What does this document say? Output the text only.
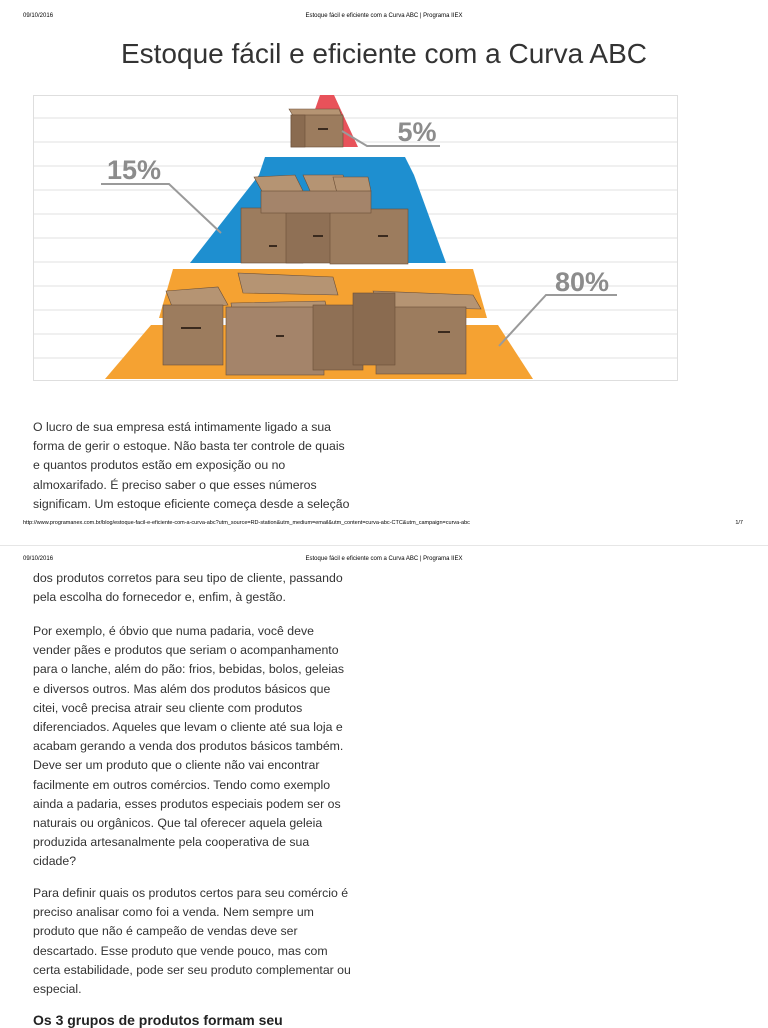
09/10/2016	Estoque fácil e eficiente com a Curva ABC | Programa IIEX
Estoque fácil e eficiente com a Curva ABC
5%
15%
80%

O lucro de sua empresa está intimamente ligado a sua forma de gerir o estoque. Não basta ter controle de quais e quantos produtos estão em exposição ou no almoxarifado. É preciso saber o que esses números significam. Um estoque eficiente começa desde a seleção

http://www.programanex.com.br/blog/estoque-facil-e-eficiente-com-a-curva-abc?utm_source=RD-station&utm_medium=email&utm_content=curva-abc-CTC&utm_campaign=curva-abc	1/7
09/10/2016	Estoque fácil e eficiente com a Curva ABC | Programa IIEX

dos produtos corretos para seu tipo de cliente, passando pela escolha do fornecedor e, enfim, à gestão.

Por exemplo, é óbvio que numa padaria, você deve vender pães e produtos que seriam o acompanhamento para o lanche, além do pão: frios, bebidas, bolos, geleias e diversos outros. Mas além dos produtos básicos que citei, você precisa atrair seu cliente com produtos diferenciados. Aqueles que levam o cliente até sua loja e acabam gerando a venda dos produtos básicos também. Deve ser um produto que o cliente não vai encontrar facilmente em outros comércios. Tendo como exemplo ainda a padaria, esses produtos especiais podem ser os naturais ou orgânicos. Que tal oferecer aquela geleia produzida artesanalmente pela cooperativa de sua cidade?

Para definir quais os produtos certos para seu comércio é preciso analisar como foi a venda. Nem sempre um produto que não é campeão de vendas deve ser descartado. Esse produto que vende pouco, mas com certa estabilidade, pode ser seu produto complementar ou especial.

Os 3 grupos de produtos formam seu
